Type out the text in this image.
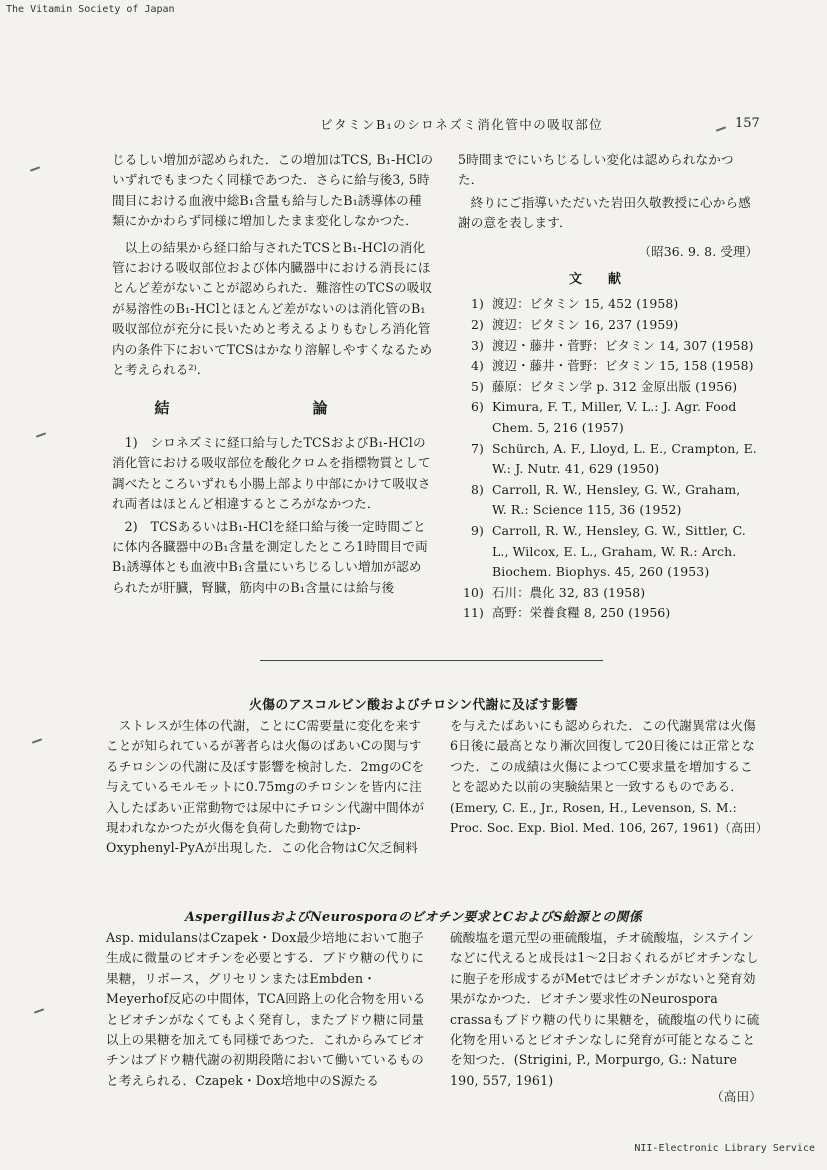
The Vitamin Society of Japan
ビタミンB₁のシロネズミ消化管中の吸収部位	157

じるしい増加が認められた．この増加はTCS, B₁-HClのいずれでもまつたく同様であつた．さらに給与後3, 5時間目における血液中総B₁含量も給与したB₁誘導体の種類にかかわらず同様に増加したまま変化しなかつた．

以上の結果から経口給与されたTCSとB₁-HClの消化管における吸収部位および体内臓器中における消長にほとんど差がないことが認められた．難溶性のTCSの吸収が易溶性のB₁-HClとほとんど差がないのは消化管のB₁吸収部位が充分に長いためと考えるよりもむしろ消化管内の条件下においてTCSはかなり溶解しやすくなるためと考えられる²⁾．

結　論

1)　シロネズミに経口給与したTCSおよびB₁-HClの消化管における吸収部位を酸化クロムを指標物質として調べたところいずれも小腸上部より中部にかけて吸収され両者はほとんど相違するところがなかつた．

2)　TCSあるいはB₁-HClを経口給与後一定時間ごとに体内各臓器中のB₁含量を測定したところ1時間目で両B₁誘導体とも血液中B₁含量にいちじるしい増加が認められたが肝臓，腎臓，筋肉中のB₁含量には給与後

5時間までにいちじるしい変化は認められなかつた．

終りにご指導いただいた岩田久敬教授に心から感謝の意を表します．

（昭36. 9. 8. 受理）
文献
1) 渡辺：ビタミン 15, 452 (1958)
2) 渡辺：ビタミン 16, 237 (1959)
3) 渡辺・藤井・菅野：ビタミン 14, 307 (1958)
4) 渡辺・藤井・菅野：ビタミン 15, 158 (1958)
5) 藤原：ビタミン学 p. 312 金原出版 (1956)
6) Kimura, F. T., Miller, V. L.: J. Agr. Food Chem. 5, 216 (1957)
7) Schürch, A. F., Lloyd, L. E., Crampton, E. W.: J. Nutr. 41, 629 (1950)
8) Carroll, R. W., Hensley, G. W., Graham, W. R.: Science 115, 36 (1952)
9) Carroll, R. W., Hensley, G. W., Sittler, C. L., Wilcox, E. L., Graham, W. R.: Arch. Biochem. Biophys. 45, 260 (1953)
10) 石川：農化 32, 83 (1958)
11) 高野：栄養食糧 8, 250 (1956)
火傷のアスコルビン酸およびチロシン代謝に及ぼす影響

ストレスが生体の代謝，ことにC需要量に変化を来すことが知られているが著者らは火傷のばあいCの関与するチロシンの代謝に及ぼす影響を検討した．2mgのCを与えているモルモットに0.75mgのチロシンを皆内に注入したばあい正常動物では尿中にチロシン代謝中間体が現われなかつたが火傷を負荷した動物ではp-Oxyphenyl-PyAが出現した．この化合物はC欠乏飼料

を与えたばあいにも認められた．この代謝異常は火傷6日後に最高となり漸次回復して20日後には正常となつた．この成績は火傷によつてC要求量を増加することを認めた以前の実験結果と一致するものである．

(Emery, C. E., Jr., Rosen, H., Levenson, S. M.: Proc. Soc. Exp. Biol. Med. 106, 267, 1961)（高田）

AspergillusおよびNeurosporaのビオチン要求とCおよびS給源との関係

Asp. midulansはCzapek・Dox最少培地において胞子生成に微量のビオチンを必要とする．ブドウ糖の代りに果糖，リボース，グリセリンまたはEmbden・Meyerhof反応の中間体，TCA回路上の化合物を用いるとビオチンがなくてもよく発育し，またブドウ糖に同量以上の果糖を加えても同様であつた．これからみてビオチンはブドウ糖代謝の初期段階において働いているものと考えられる．Czapek・Dox培地中のS源たる

硫酸塩を還元型の亜硫酸塩，チオ硫酸塩，システインなどに代えると成長は1～2日おくれるがビオチンなしに胞子を形成するがMetではビオチンがないと発育効果がなかつた．ビオチン要求性のNeurospora crassaもブドウ糖の代りに果糖を，硫酸塩の代りに硫化物を用いるとビオチンなしに発育が可能となることを知つた．(Strigini, P., Morpurgo, G.: Nature 190, 557, 1961)

（高田）
NII-Electronic Library Service
